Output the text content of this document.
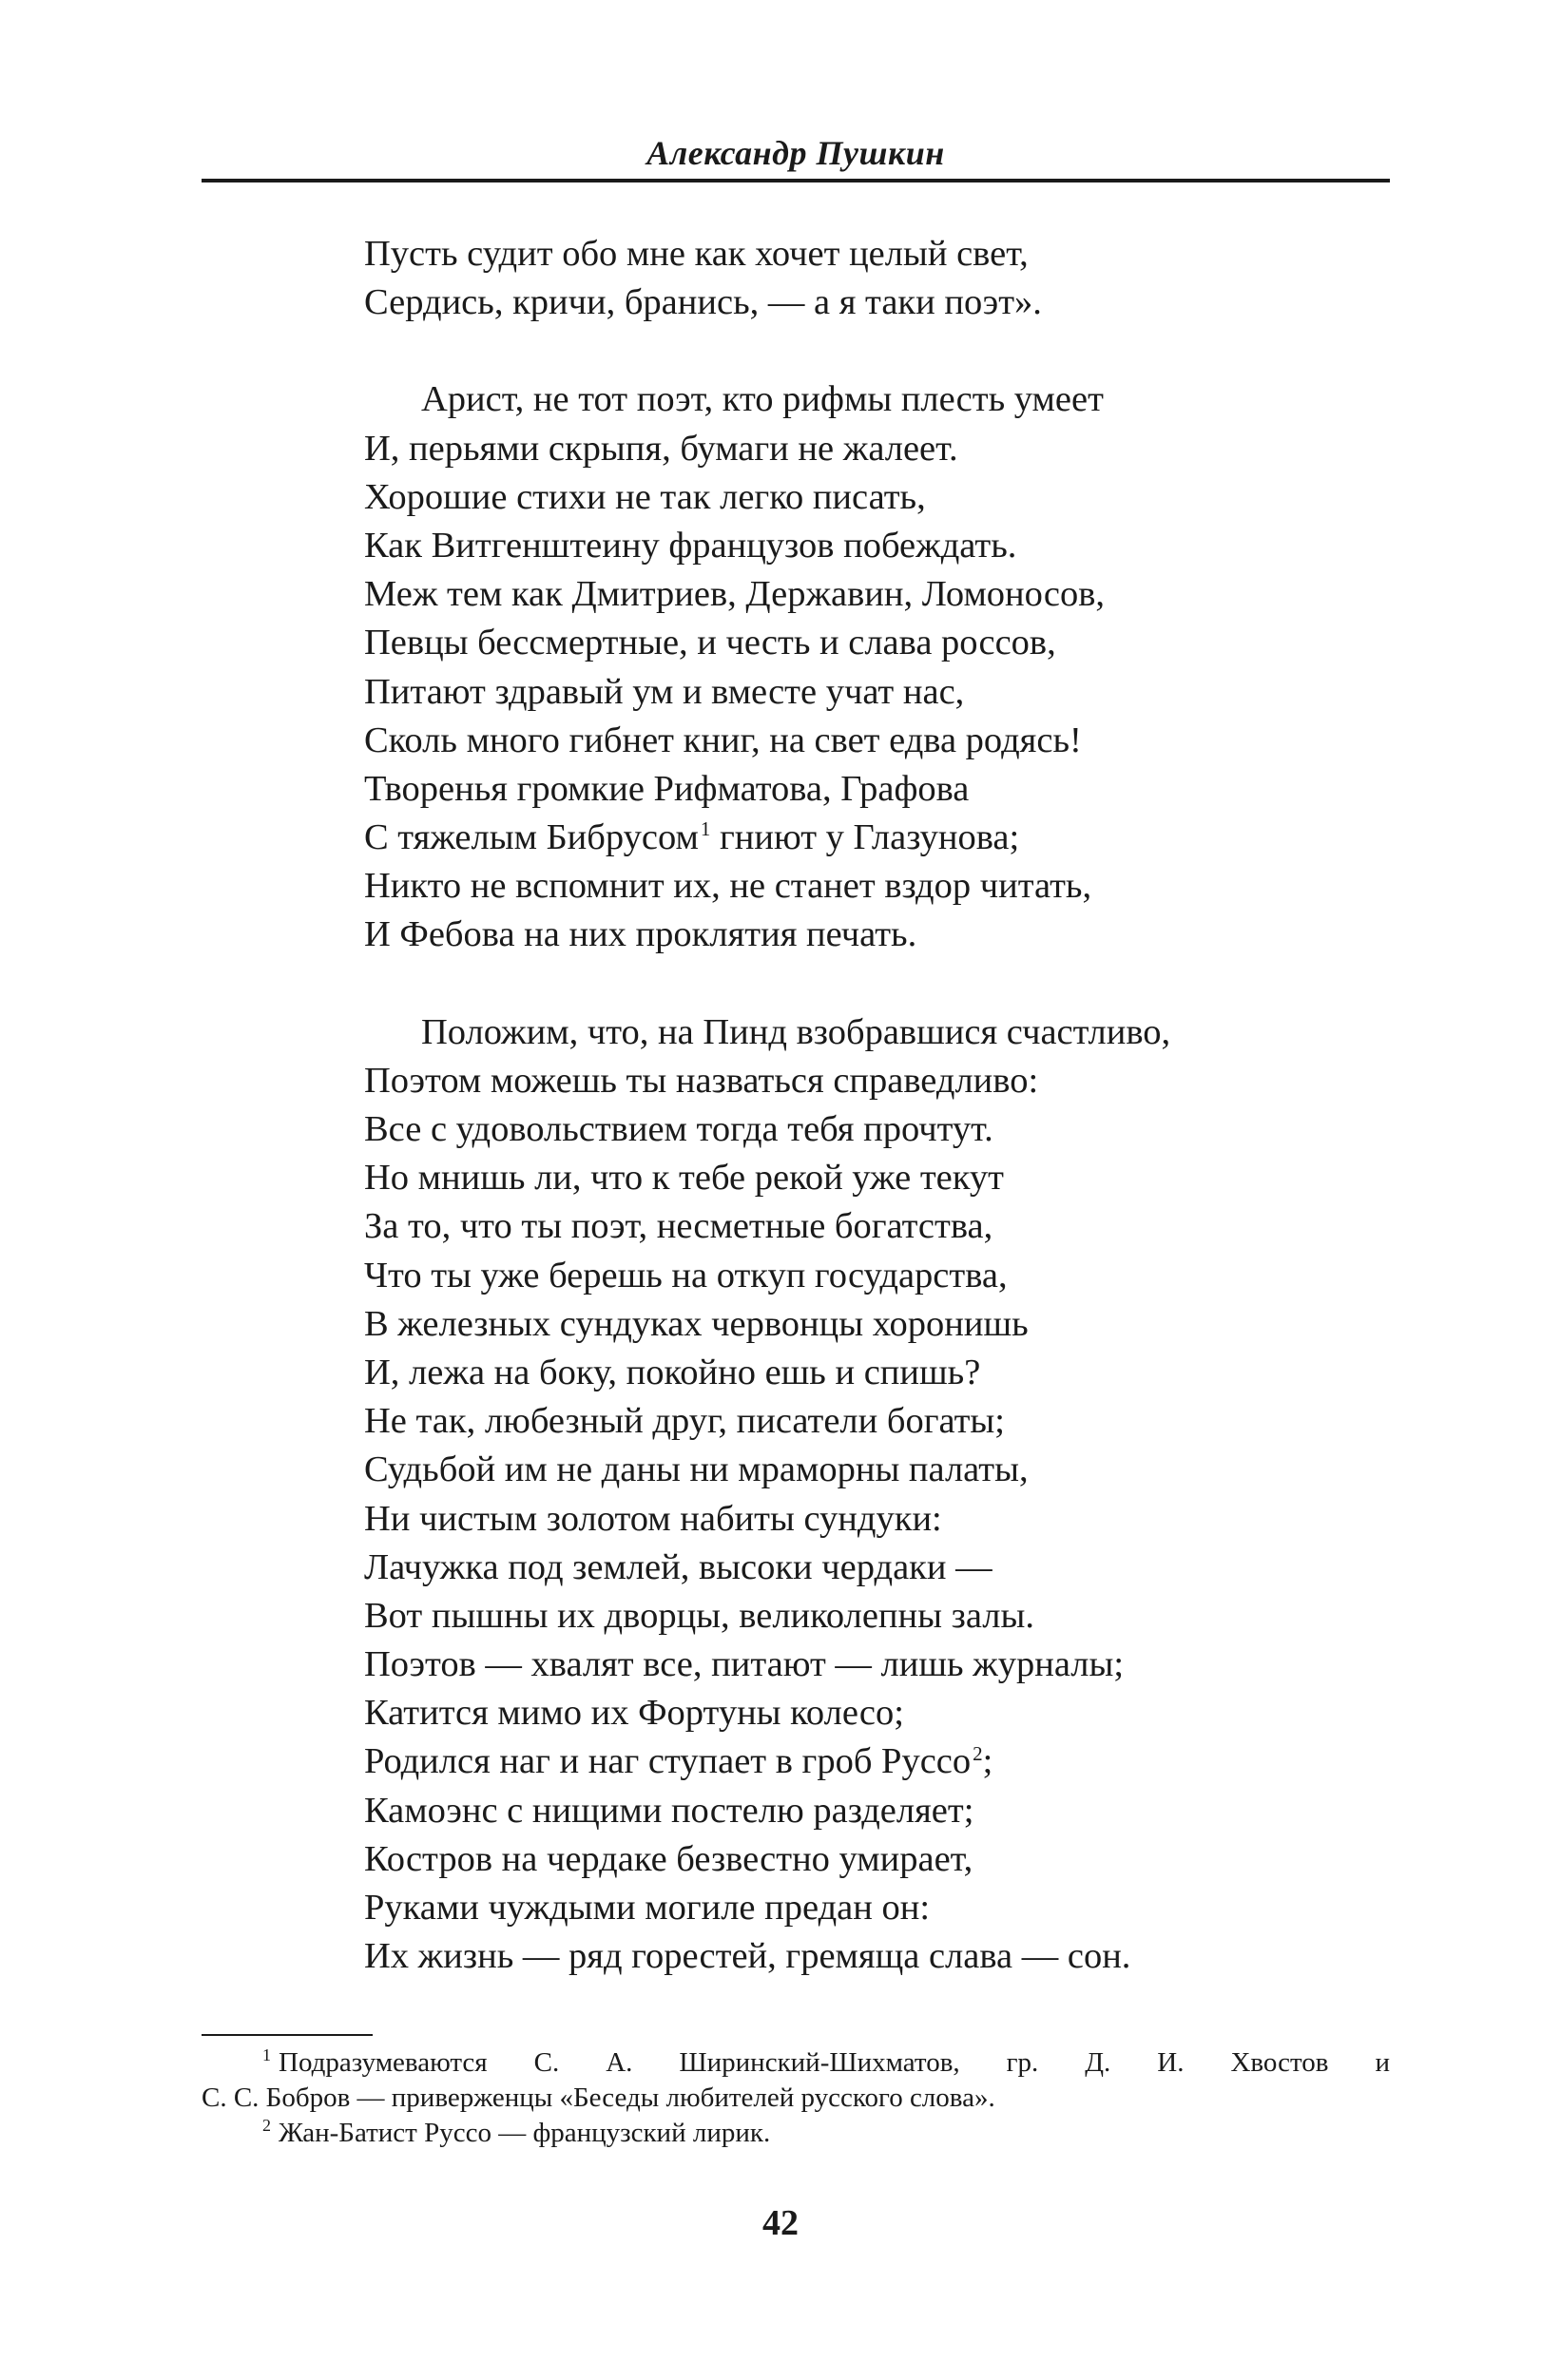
Александр Пушкин
Пусть судит обо мне как хочет целый свет,
Сердись, кричи, бранись, — а я таки поэт».
Арист, не тот поэт, кто рифмы плесть умеет
И, перьями скрыпя, бумаги не жалеет.
Хорошие стихи не так легко писать,
Как Витгенштеину французов побеждать.
Меж тем как Дмитриев, Державин, Ломоносов,
Певцы бессмертные, и честь и слава россов,
Питают здравый ум и вместе учат нас,
Сколь много гибнет книг, на свет едва родясь!
Творенья громкие Рифматова, Графова
С тяжелым Бибрусом$^1$ гниют у Глазунова;
Никто не вспомнит их, не станет вздор читать,
И Фебова на них проклятия печать.
Положим, что, на Пинд взобравшися счастливо,
Поэтом можешь ты назваться справедливо:
Все с удовольствием тогда тебя прочтут.
Но мнишь ли, что к тебе рекой уже текут
За то, что ты поэт, несметные богатства,
Что ты уже берешь на откуп государства,
В железных сундуках червонцы хоронишь
И, лежа на боку, покойно ешь и спишь?
Не так, любезный друг, писатели богаты;
Судьбой им не даны ни мраморны палаты,
Ни чистым золотом набиты сундуки:
Лачужка под землей, высоки чердаки —
Вот пышны их дворцы, великолепны залы.
Поэтов — хвалят все, питают — лишь журналы;
Катится мимо их Фортуны колесо;
Родился наг и наг ступает в гроб Руссо$^2$;
Камоэнс с нищими постелю разделяет;
Костров на чердаке безвестно умирает,
Руками чуждыми могиле предан он:
Их жизнь — ряд горестей, гремяща слава — сон.

$^1$ Подразумеваются С. А. Ширинский-Шихматов, гр. Д. И. Хвостов и
С. С. Бобров — приверженцы «Беседы любителей русского слова».

$^2$ Жан-Батист Руссо — французский лирик.

42
